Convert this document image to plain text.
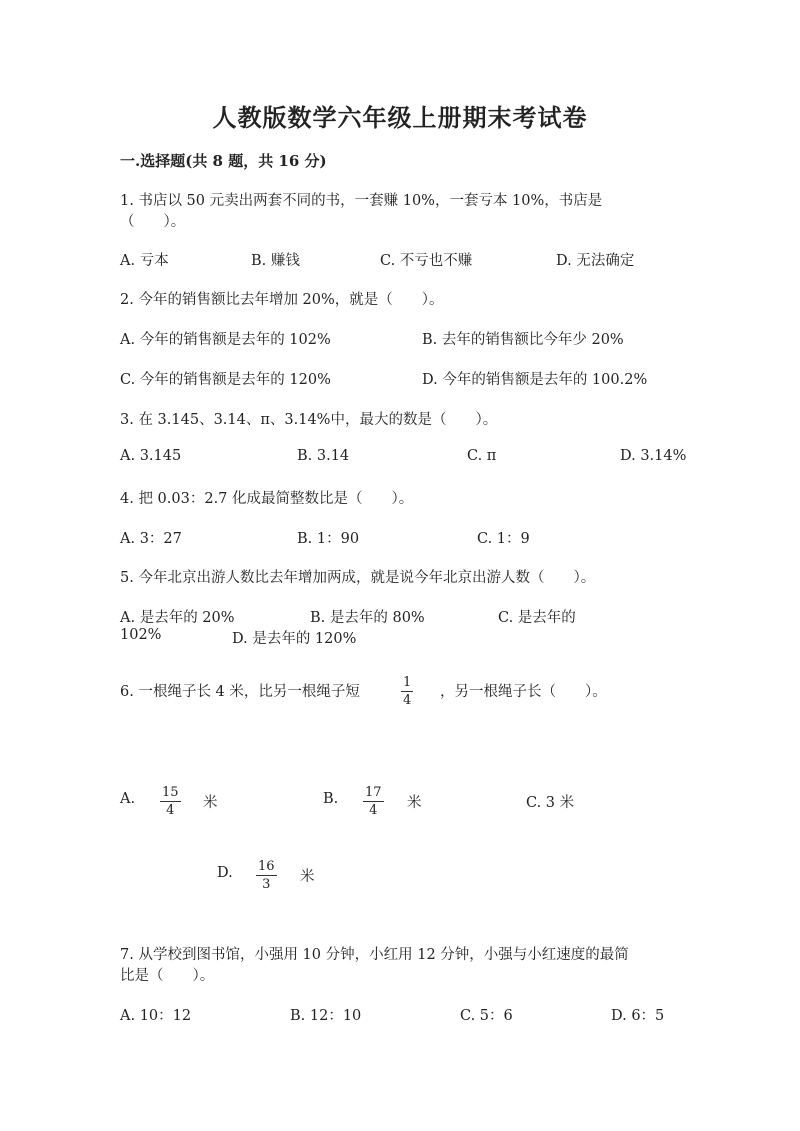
人教版数学六年级上册期末考试卷
一.选择题(共 8 题，共 16 分)
1. 书店以 50 元卖出两套不同的书，一套赚 10%，一套亏本 10%，书店是
（　　）。
A. 亏本	B. 赚钱	C. 不亏也不赚	D. 无法确定
2. 今年的销售额比去年增加 20%，就是（　　）。
A. 今年的销售额是去年的 102%	B. 去年的销售额比今年少 20%
C. 今年的销售额是去年的 120%	D. 今年的销售额是去年的 100.2%
3. 在 3.145、3.14、π、3.14%中，最大的数是（　　）。
A. 3.145	B. 3.14	C. π	D. 3.14%
4. 把 0.03：2.7 化成最简整数比是（　　）。
A. 3：27	B. 1：90	C. 1：9
5. 今年北京出游人数比去年增加两成，就是说今年北京出游人数（　　）。
A. 是去年的 20%	B. 是去年的 80%	C. 是去年的
102%	D. 是去年的 120%
6. 一根绳子长 4 米，比另一根绳子短
1
4
，另一根绳子长（　　）。
A. 15
4 米	B. 17
4 米	C. 3 米
D. 16
3 米
7. 从学校到图书馆，小强用 10 分钟，小红用 12 分钟，小强与小红速度的最简
比是（　　）。
A. 10：12	B. 12：10	C. 5：6	D. 6：5
